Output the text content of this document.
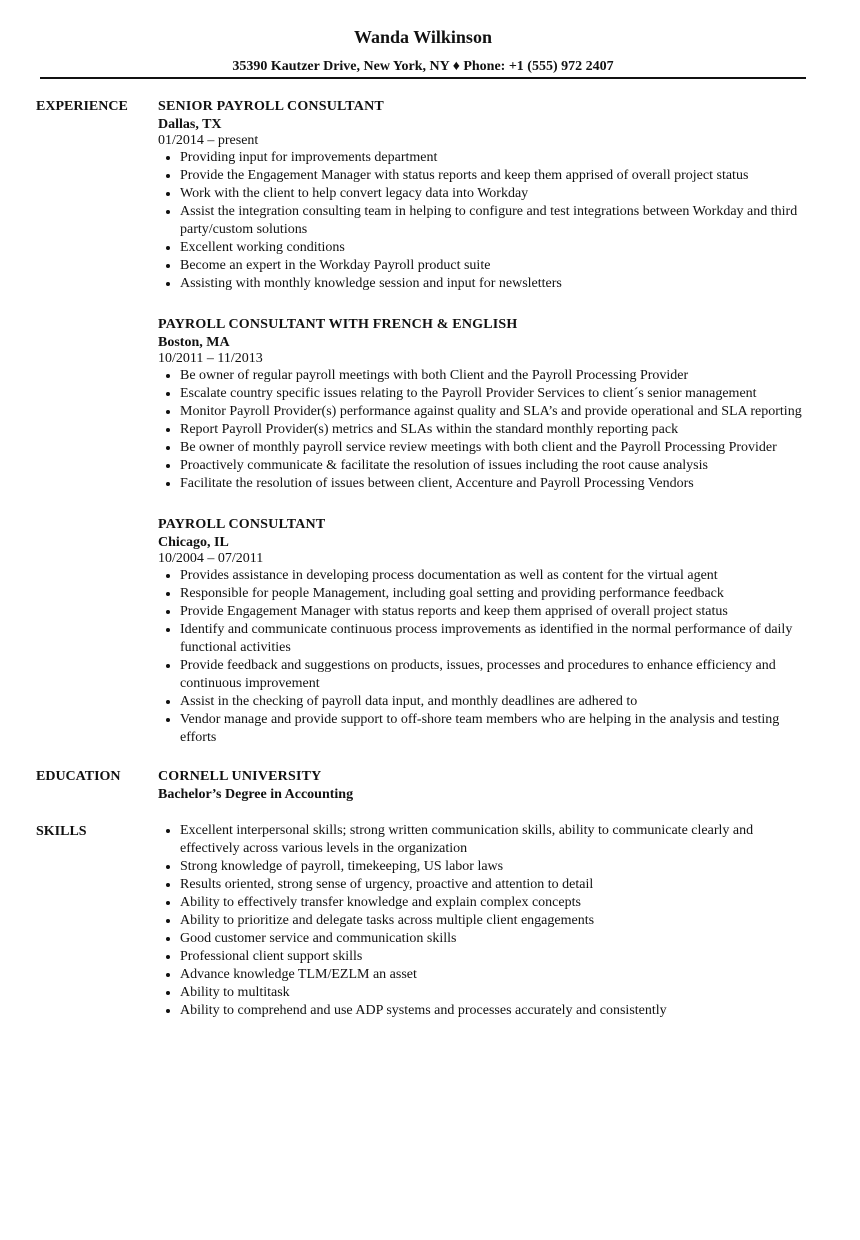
Wanda Wilkinson
35390 Kautzer Drive, New York, NY ♦ Phone: +1 (555) 972 2407
EXPERIENCE	SENIOR PAYROLL CONSULTANT
Dallas, TX
01/2014 – present
Providing input for improvements department
Provide the Engagement Manager with status reports and keep them apprised of overall project status
Work with the client to help convert legacy data into Workday
Assist the integration consulting team in helping to configure and test integrations between Workday and third party/custom solutions
Excellent working conditions
Become an expert in the Workday Payroll product suite
Assisting with monthly knowledge session and input for newsletters
PAYROLL CONSULTANT WITH FRENCH & ENGLISH
Boston, MA
10/2011 – 11/2013
Be owner of regular payroll meetings with both Client and the Payroll Processing Provider
Escalate country specific issues relating to the Payroll Provider Services to client´s senior management
Monitor Payroll Provider(s) performance against quality and SLA’s and provide operational and SLA reporting
Report Payroll Provider(s) metrics and SLAs within the standard monthly reporting pack
Be owner of monthly payroll service review meetings with both client and the Payroll Processing Provider
Proactively communicate & facilitate the resolution of issues including the root cause analysis
Facilitate the resolution of issues between client, Accenture and Payroll Processing Vendors
PAYROLL CONSULTANT
Chicago, IL
10/2004 – 07/2011
Provides assistance in developing process documentation as well as content for the virtual agent
Responsible for people Management, including goal setting and providing performance feedback
Provide Engagement Manager with status reports and keep them apprised of overall project status
Identify and communicate continuous process improvements as identified in the normal performance of daily functional activities
Provide feedback and suggestions on products, issues, processes and procedures to enhance efficiency and continuous improvement
Assist in the checking of payroll data input, and monthly deadlines are adhered to
Vendor manage and provide support to off-shore team members who are helping in the analysis and testing efforts
EDUCATION	CORNELL UNIVERSITY
Bachelor’s Degree in Accounting
SKILLS	Excellent interpersonal skills; strong written communication skills, ability to communicate clearly and effectively across various levels in the organization
Strong knowledge of payroll, timekeeping, US labor laws
Results oriented, strong sense of urgency, proactive and attention to detail
Ability to effectively transfer knowledge and explain complex concepts
Ability to prioritize and delegate tasks across multiple client engagements
Good customer service and communication skills
Professional client support skills
Advance knowledge TLM/EZLM an asset
Ability to multitask
Ability to comprehend and use ADP systems and processes accurately and consistently
